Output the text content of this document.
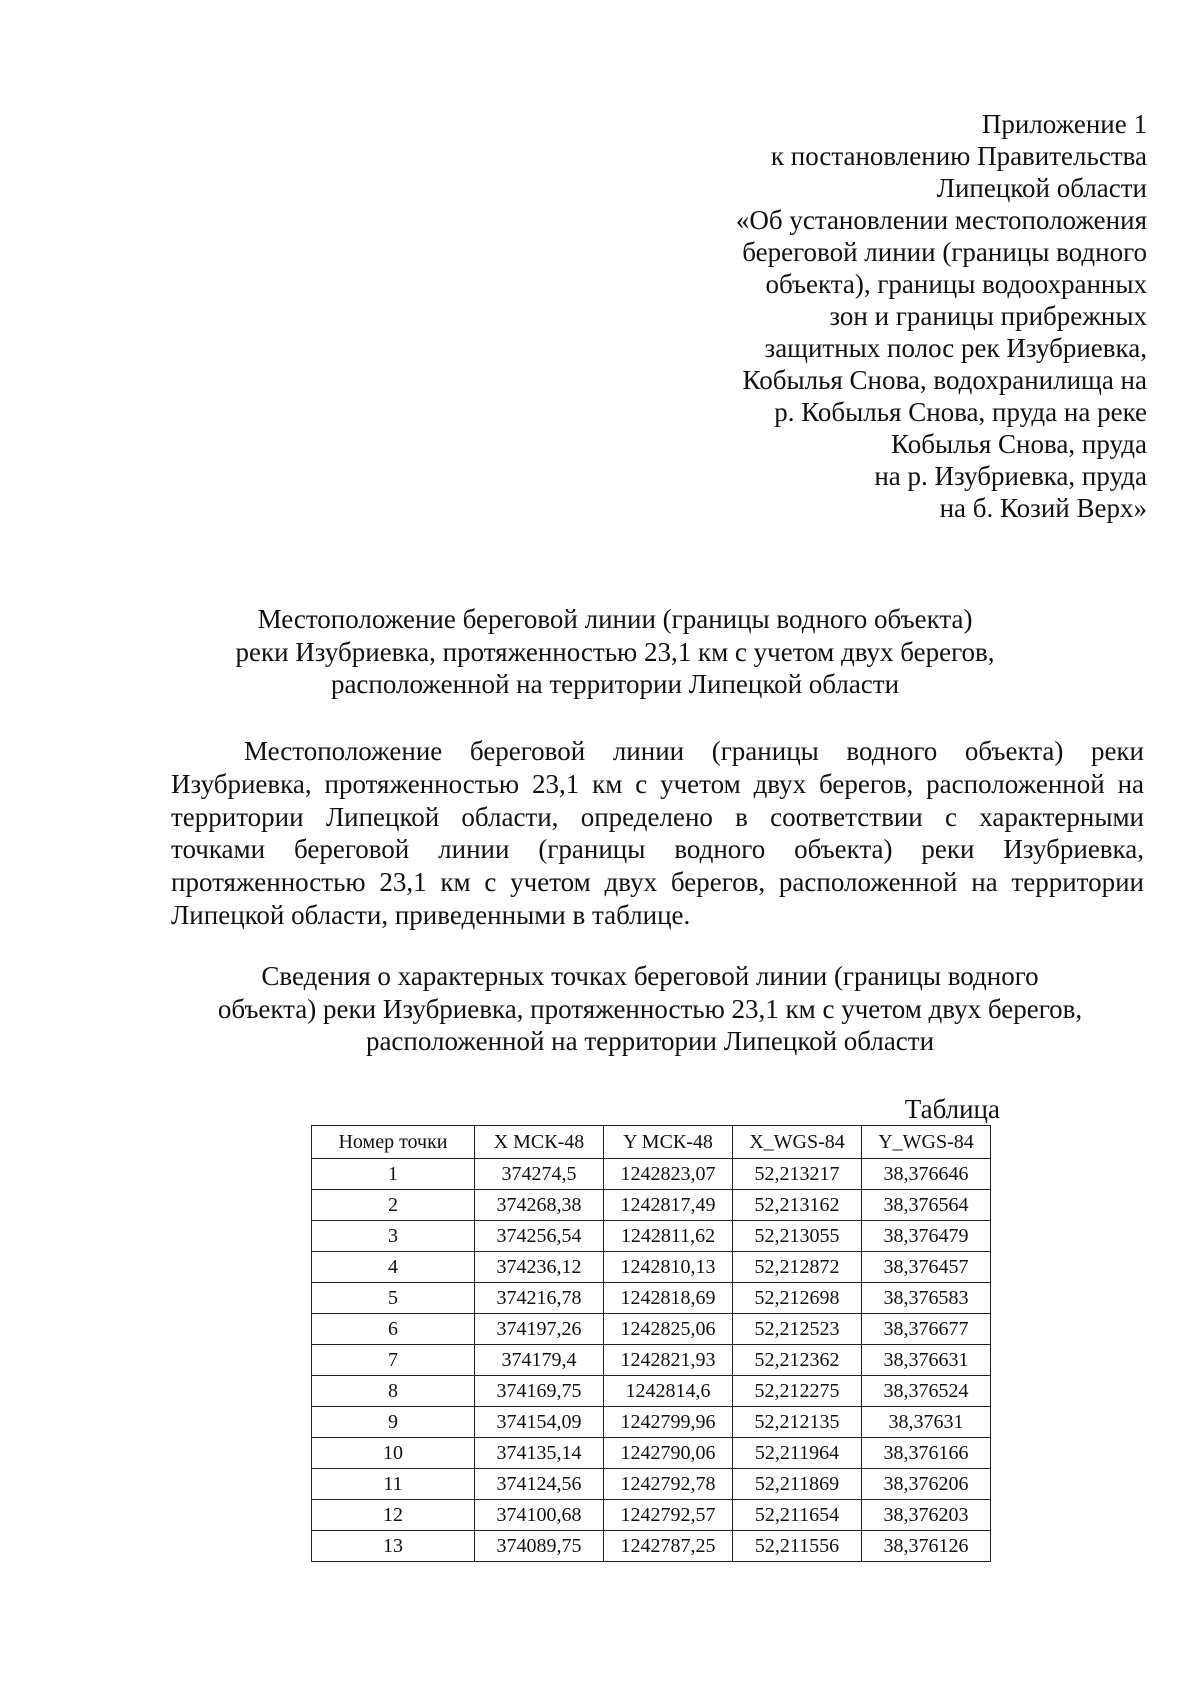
Приложение 1
к постановлению Правительства
Липецкой области
«Об установлении местоположения
береговой линии (границы водного
объекта), границы водоохранных
зон и границы прибрежных
защитных полос рек Изубриевка,
Кобылья Снова, водохранилища на
р. Кобылья Снова, пруда на реке
Кобылья Снова, пруда
на р. Изубриевка, пруда
на б. Козий Верх»
Местоположение береговой линии (границы водного объекта)
реки Изубриевка, протяженностью 23,1 км с учетом двух берегов,
расположенной на территории Липецкой области
Местоположение береговой линии (границы водного объекта) реки
Изубриевка, протяженностью 23,1 км с учетом двух берегов, расположенной на
территории Липецкой области, определено в соответствии с характерными
точками береговой линии (границы водного объекта) реки Изубриевка,
протяженностью 23,1 км с учетом двух берегов, расположенной на территории
Липецкой области, приведенными в таблице.
Сведения о характерных точках береговой линии (границы водного
объекта) реки Изубриевка, протяженностью 23,1 км с учетом двух берегов,
расположенной на территории Липецкой области
Таблица
Номер точки	X МСК-48	Y МСК-48	X_WGS-84	Y_WGS-84
1	374274,5	1242823,07	52,213217	38,376646
2	374268,38	1242817,49	52,213162	38,376564
3	374256,54	1242811,62	52,213055	38,376479
4	374236,12	1242810,13	52,212872	38,376457
5	374216,78	1242818,69	52,212698	38,376583
6	374197,26	1242825,06	52,212523	38,376677
7	374179,4	1242821,93	52,212362	38,376631
8	374169,75	1242814,6	52,212275	38,376524
9	374154,09	1242799,96	52,212135	38,37631
10	374135,14	1242790,06	52,211964	38,376166
11	374124,56	1242792,78	52,211869	38,376206
12	374100,68	1242792,57	52,211654	38,376203
13	374089,75	1242787,25	52,211556	38,376126
